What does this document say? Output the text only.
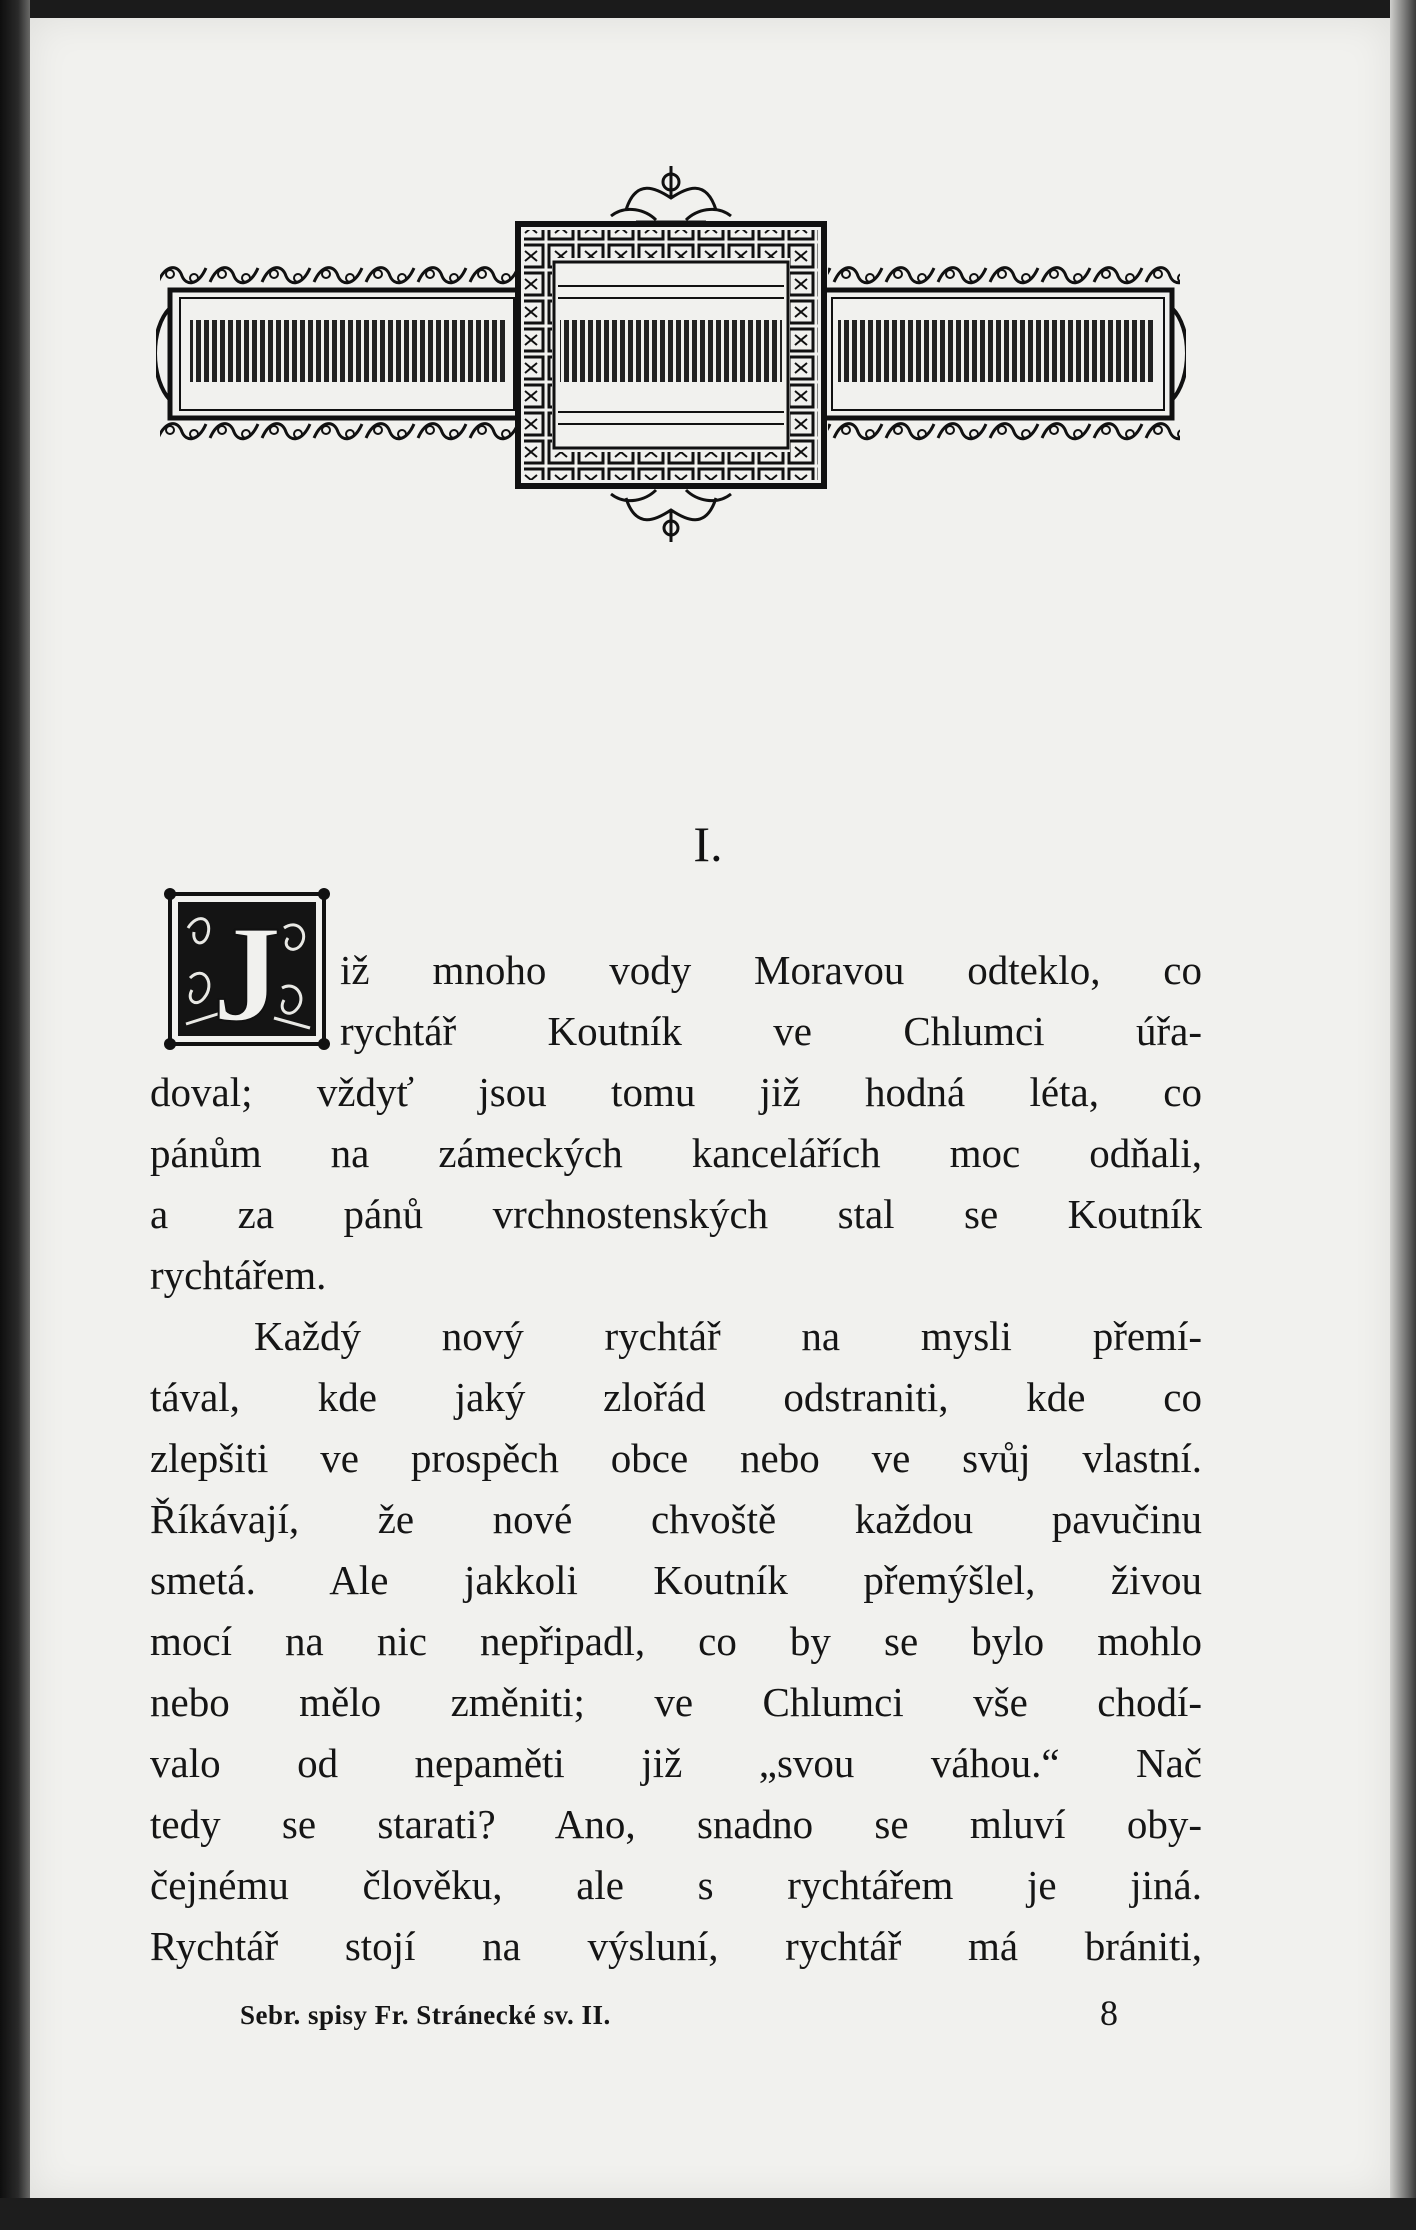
I.
J	iž mnoho vody Moravou odteklo, co
rychtář Koutník ve Chlumci úřa-
doval; vždyť jsou tomu již hodná léta, co
pánům na zámeckých kancelářích moc odňali,
a za pánů vrchnostenských stal se Koutník
rychtářem.
Každý nový rychtář na mysli přemí-
tával, kde jaký zlořád odstraniti, kde co
zlepšiti ve prospěch obce nebo ve svůj vlastní.
Říkávají, že nové chvoště každou pavučinu
smetá. Ale jakkoli Koutník přemýšlel, živou
mocí na nic nepřipadl, co by se bylo mohlo
nebo mělo změniti; ve Chlumci vše chodí-
valo od nepaměti již „svou váhou.“ Nač
tedy se starati? Ano, snadno se mluví oby-
čejnému člověku, ale s rychtářem je jiná.
Rychtář stojí na výsluní, rychtář má brániti,
Sebr. spisy Fr. Stránecké sv. II.	8
